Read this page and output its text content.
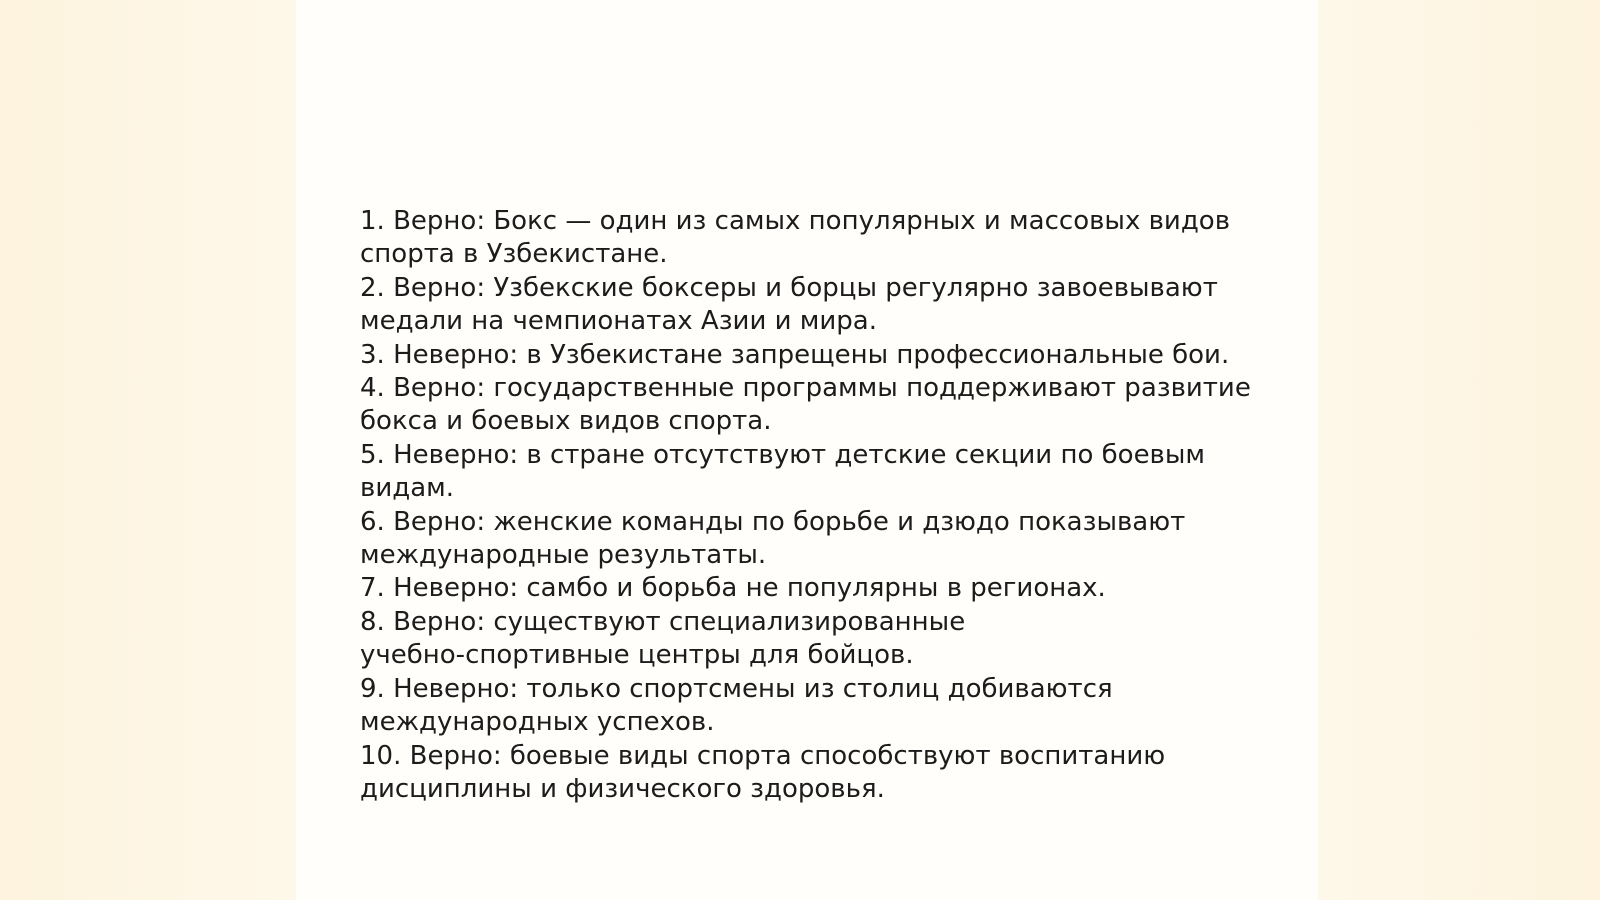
1. Верно: Бокс — один из самых популярных и массовых видов
спорта в Узбекистане.
2. Верно: Узбекские боксеры и борцы регулярно завоевывают
медали на чемпионатах Азии и мира.
3. Неверно: в Узбекистане запрещены профессиональные бои.
4. Верно: государственные программы поддерживают развитие
бокса и боевых видов спорта.
5. Неверно: в стране отсутствуют детские секции по боевым
видам.
6. Верно: женские команды по борьбе и дзюдо показывают
международные результаты.
7. Неверно: самбо и борьба не популярны в регионах.
8. Верно: существуют специализированные
учебно-спортивные центры для бойцов.
9. Неверно: только спортсмены из столиц добиваются
международных успехов.
10. Верно: боевые виды спорта способствуют воспитанию
дисциплины и физического здоровья.
